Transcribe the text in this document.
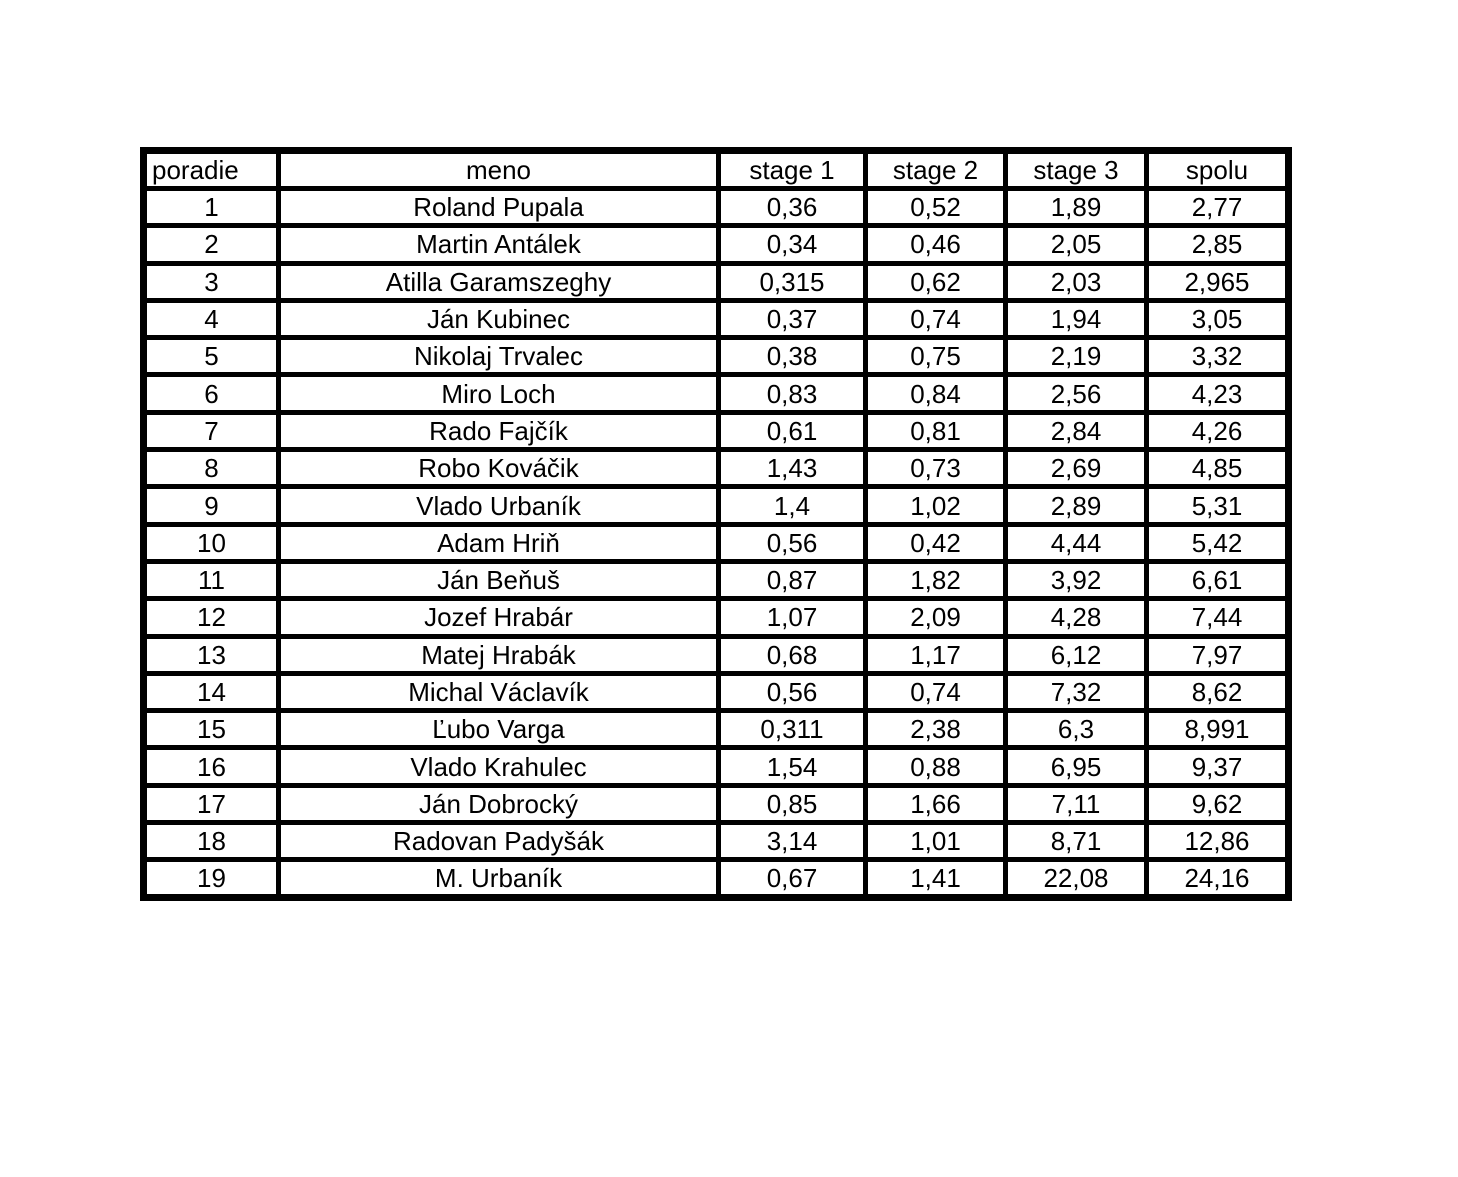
poradie	meno	stage 1	stage 2	stage 3	spolu
1	Roland Pupala	0,36	0,52	1,89	2,77
2	Martin Antálek	0,34	0,46	2,05	2,85
3	Atilla Garamszeghy	0,315	0,62	2,03	2,965
4	Ján Kubinec	0,37	0,74	1,94	3,05
5	Nikolaj Trvalec	0,38	0,75	2,19	3,32
6	Miro Loch	0,83	0,84	2,56	4,23
7	Rado Fajčík	0,61	0,81	2,84	4,26
8	Robo Kováčik	1,43	0,73	2,69	4,85
9	Vlado Urbaník	1,4	1,02	2,89	5,31
10	Adam Hriň	0,56	0,42	4,44	5,42
11	Ján Beňuš	0,87	1,82	3,92	6,61
12	Jozef Hrabár	1,07	2,09	4,28	7,44
13	Matej Hrabák	0,68	1,17	6,12	7,97
14	Michal Václavík	0,56	0,74	7,32	8,62
15	Ľubo Varga	0,311	2,38	6,3	8,991
16	Vlado Krahulec	1,54	0,88	6,95	9,37
17	Ján Dobrocký	0,85	1,66	7,11	9,62
18	Radovan Padyšák	3,14	1,01	8,71	12,86
19	M. Urbaník	0,67	1,41	22,08	24,16
